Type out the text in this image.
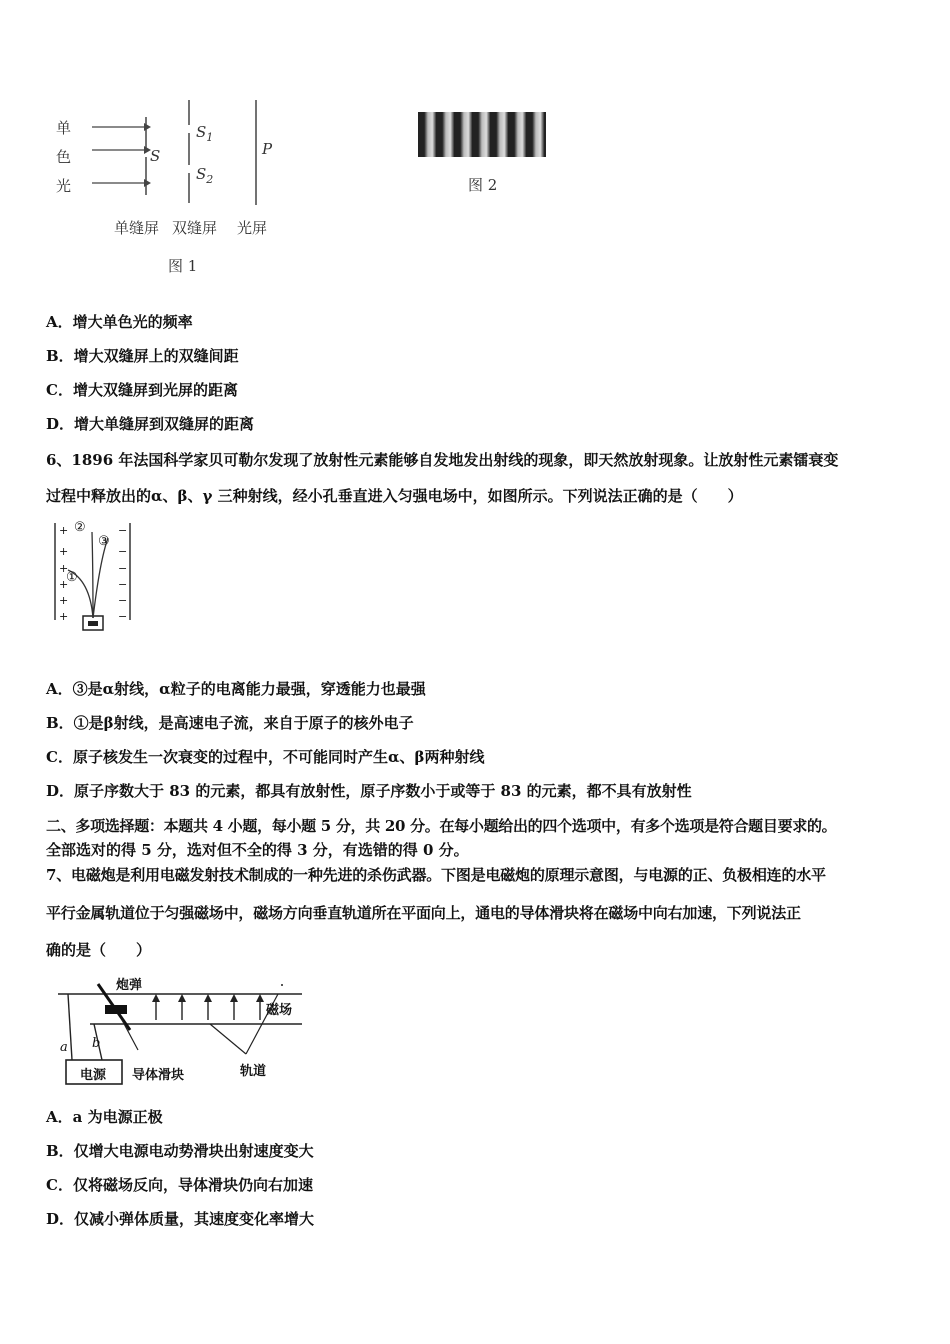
单
色
光
S
$S_1$
$S_2$
P
单缝屏 双缝屏 光屏
图 1
图 2
A．增大单色光的频率
B．增大双缝屏上的双缝间距
C．增大双缝屏到光屏的距离
D．增大单缝屏到双缝屏的距离
6、1896 年法国科学家贝可勒尔发现了放射性元素能够自发地发出射线的现象，即天然放射现象。让放射性元素镭衰变
过程中释放出的α、β、γ 三种射线，经小孔垂直进入匀强电场中，如图所示。下列说法正确的是（　　）
+
+
+
+
+
+
−
−
−
−
−
−
②
③
①
A．③是α射线，α粒子的电离能力最强，穿透能力也最强
B．①是β射线，是高速电子流，来自于原子的核外电子
C．原子核发生一次衰变的过程中，不可能同时产生α、β两种射线
D．原子序数大于 83 的元素，都具有放射性，原子序数小于或等于 83 的元素，都不具有放射性
二、多项选择题：本题共 4 小题，每小题 5 分，共 20 分。在每小题给出的四个选项中，有多个选项是符合题目要求的。
全部选对的得 5 分，选对但不全的得 3 分，有选错的得 0 分。
7、电磁炮是利用电磁发射技术制成的一种先进的杀伤武器。下图是电磁炮的原理示意图，与电源的正、负极相连的水平
平行金属轨道位于匀强磁场中，磁场方向垂直轨道所在平面向上，通电的导体滑块将在磁场中向右加速，下列说法正
确的是（　　）
炮弹
磁场
a b
电源 导体滑块	轨道
A．a 为电源正极
B．仅增大电源电动势滑块出射速度变大
C．仅将磁场反向，导体滑块仍向右加速
D．仅减小弹体质量，其速度变化率增大
